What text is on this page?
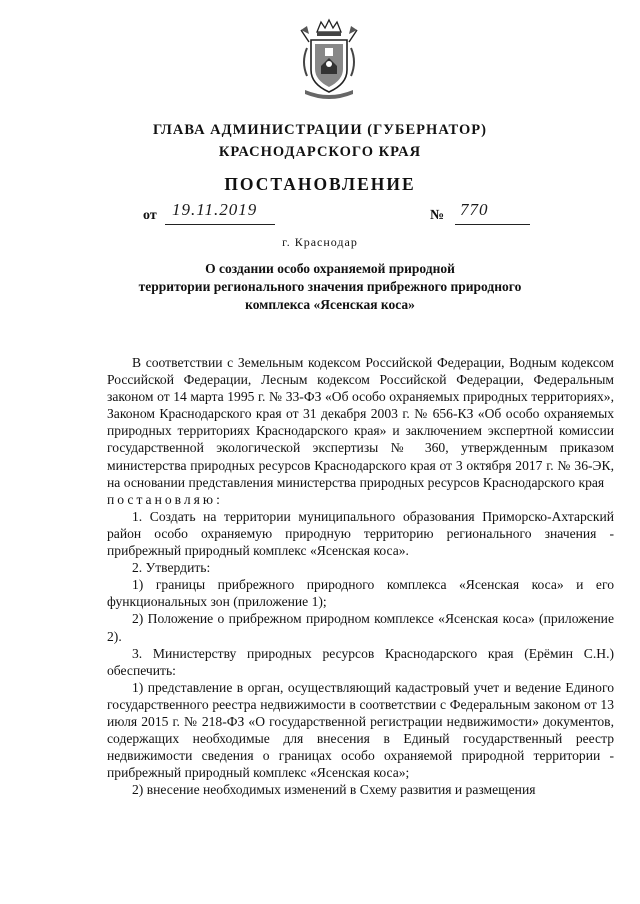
ГЛАВА АДМИНИСТРАЦИИ (ГУБЕРНАТОР)
КРАСНОДАРСКОГО КРАЯ
ПОСТАНОВЛЕНИЕ
от 19.11.2019	№ 770
г. Краснодар
О создании особо охраняемой природной
территории регионального значения прибрежного природного
комплекса «Ясенская коса»

В соответствии с Земельным кодексом Российской Федерации, Водным кодексом Российской Федерации, Лесным кодексом Российской Федерации, Федеральным законом от 14 марта 1995 г. № 33-ФЗ «Об особо охраняемых природных территориях», Законом Краснодарского края от 31 декабря 2003 г. № 656-КЗ «Об особо охраняемых природных территориях Краснодарского края» и заключением экспертной комиссии государственной экологической экспертизы № 360, утвержденным приказом министерства природных ресурсов Краснодарского края от 3 октября 2017 г. № 36-ЭК, на основании представления министерства природных ресурсов Краснодарского края

постановляю:

1. Создать на территории муниципального образования Приморско-Ахтарский район особо охраняемую природную территорию регионального значения - прибрежный природный комплекс «Ясенская коса».

2. Утвердить:

1) границы прибрежного природного комплекса «Ясенская коса» и его функциональных зон (приложение 1);

2) Положение о прибрежном природном комплексе «Ясенская коса» (приложение 2).

3. Министерству природных ресурсов Краснодарского края (Ерёмин С.Н.) обеспечить:

1) представление в орган, осуществляющий кадастровый учет и ведение Единого государственного реестра недвижимости в соответствии с Федеральным законом от 13 июля 2015 г. № 218-ФЗ «О государственной регистрации недвижимости» документов, содержащих необходимые для внесения в Единый государственный реестр недвижимости сведения о границах особо охраняемой природной территории - прибрежный природный комплекс «Ясенская коса»;

2) внесение необходимых изменений в Схему развития и размещения
